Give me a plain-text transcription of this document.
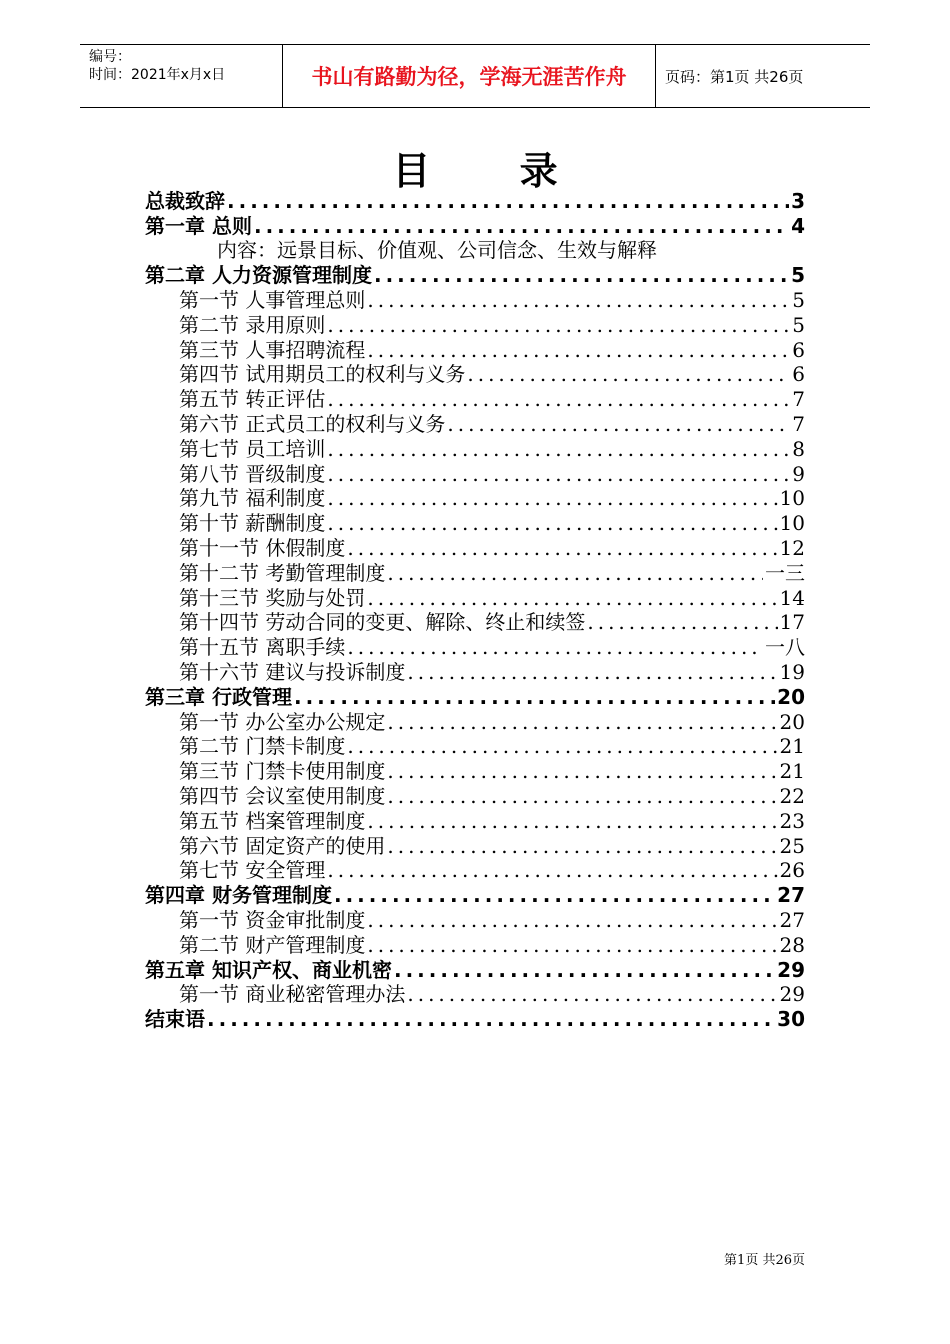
编号：
时间：2021年x月x日	书山有路勤为径，学海无涯苦作舟	页码：第1页 共26页
目 录
总裁致辞 .....	3
第一章 总则 .....	4
内容：远景目标、价值观、公司信念、生效与解释
第二章 人力资源管理制度 .....	5
第一节 人事管理总则 .....	5
第二节 录用原则 .....	5
第三节 人事招聘流程 .....	6
第四节 试用期员工的权利与义务 .....	6
第五节 转正评估 .....	7
第六节 正式员工的权利与义务 .....	7
第七节 员工培训 .....	8
第八节 晋级制度 .....	9
第九节 福利制度 .....	10
第十节 薪酬制度 .....	10
第十一节 休假制度 .....	12
第十二节 考勤管理制度 .....	一三
第十三节 奖励与处罚 .....	14
第十四节 劳动合同的变更、解除、终止和续签 .....	17
第十五节 离职手续 .....	一八
第十六节 建议与投诉制度 .....	19
第三章 行政管理 .....	20
第一节 办公室办公规定 .....	20
第二节 门禁卡制度 .....	21
第三节 门禁卡使用制度 .....	21
第四节 会议室使用制度 .....	22
第五节 档案管理制度 .....	23
第六节 固定资产的使用 .....	25
第七节 安全管理 .....	26
第四章 财务管理制度 .....	27
第一节 资金审批制度 .....	27
第二节 财产管理制度 .....	28
第五章 知识产权、商业机密 .....	29
第一节 商业秘密管理办法 .....	29
结束语 .....	30
第1页 共26页
